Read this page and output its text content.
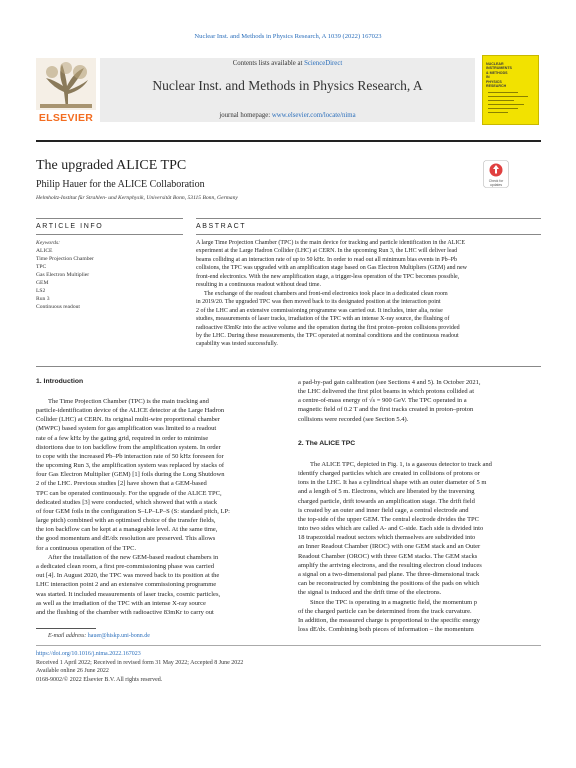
Nuclear Inst. and Methods in Physics Research, A 1039 (2022) 167023
ELSEVIER
Contents lists available at ScienceDirect
Nuclear Inst. and Methods in Physics Research, A
journal homepage: www.elsevier.com/locate/nima
NUCLEAR
INSTRUMENTS
& METHODS
IN
PHYSICS
RESEARCH
The upgraded ALICE TPC
Philip Hauer for the ALICE Collaboration
Helmholtz-Institut für Strahlen- und Kernphysik, Universität Bonn, 53115 Bonn, Germany
Check for updates
ARTICLE INFO	ABSTRACT
Keywords:
ALICE
Time Projection Chamber
TPC
Gas Electron Multiplier
GEM
LS2
Run 3
Continuous readout
A large Time Projection Chamber (TPC) is the main device for tracking and particle identification in the ALICE
experiment at the Large Hadron Collider (LHC) at CERN. In the upcoming Run 3, the LHC will deliver lead
beams colliding at an interaction rate of up to 50 kHz. In order to read out all minimum bias events in Pb–Pb
collisions, the TPC was upgraded with an amplification stage based on Gas Electron Multipliers (GEM) and new
front-end electronics. With the new amplification stage, a trigger-less operation of the TPC becomes possible,
resulting in a continuous readout without dead time.
The exchange of the readout chambers and front-end electronics took place in a dedicated clean room
in 2019/20. The upgraded TPC was then moved back to its designated position at the interaction point
2 of the LHC and an extensive commissioning programme was carried out. It includes, inter alia, noise
studies, measurements of laser tracks, irradiation of the TPC with an intense X-ray source, the flushing of
radioactive 83mKr into the active volume and the operation during the first proton–proton collisions provided
by the LHC. During these measurements, the TPC operated at nominal conditions and the continuous readout
capability was tested successfully.
1. Introduction
The Time Projection Chamber (TPC) is the main tracking and
particle-identification device of the ALICE detector at the Large Hadron
Collider (LHC) at CERN. Its original multi-wire proportional chamber
(MWPC) based system for gas amplification was limited to a readout
rate of a few kHz by the gating grid, required in order to minimise
distortions due to ion backflow from the amplification system. In order
to cope with the increased Pb–Pb interaction rate of 50 kHz foreseen for
the upcoming Run 3, the amplification system was replaced by stacks of
four Gas Electron Multiplier (GEM) [1] foils during the Long Shutdown
2 of the LHC. Previous studies [2] have shown that a GEM-based
TPC can be operated continuously. For the upgrade of the ALICE TPC,
dedicated studies [3] were conducted, which showed that with a stack
of four GEM foils in the configuration S–LP–LP–S (S: standard pitch, LP:
large pitch) combined with an optimised choice of the transfer fields,
the ion backflow can be kept at a manageable level. At the same time,
the good momentum and dE/dx resolution are preserved. This allows
for a continuous operation of the TPC.
After the installation of the new GEM-based readout chambers in
a dedicated clean room, a first pre-commissioning phase was carried
out [4]. In August 2020, the TPC was moved back to its position at the
LHC interaction point 2 and an extensive commissioning programme
was started. It included measurements of laser tracks, cosmic particles,
as well as the irradiation of the TPC with an intense X-ray source
and the flushing of the chamber with radioactive 83mKr to carry out
a pad-by-pad gain calibration (see Sections 4 and 5). In October 2021,
the LHC delivered the first pilot beams in which protons collided at
a centre-of-mass energy of √s = 900 GeV. The TPC operated in a
magnetic field of 0.2 T and the first tracks created in proton–proton
collisions were recorded (see Section 5.4).
2. The ALICE TPC
The ALICE TPC, depicted in Fig. 1, is a gaseous detector to track and
identify charged particles which are created in collisions of protons or
ions in the LHC. It has a cylindrical shape with an outer diameter of 5 m
and a length of 5 m. Electrons, which are liberated by the traversing
charged particle, drift towards an amplification stage. The drift field
is created by an outer and inner field cage, a central electrode and
the top-side of the upper GEM. The central electrode divides the TPC
into two sides which are called A- and C-side. Each side is divided into
18 trapezoidal readout sectors which themselves are subdivided into
an Inner Readout Chamber (IROC) with one GEM stack and an Outer
Readout Chamber (OROC) with three GEM stacks. The GEM stacks
amplify the arriving electrons, and the resulting electron cloud induces
a signal on a two-dimensional pad plane. The three-dimensional track
can be reconstructed by combining the positions of the pads on which
the signal is induced and the drift time of the electrons.
Since the TPC is operating in a magnetic field, the momentum p
of the charged particle can be determined from the track curvature.
In addition, the measured charge is proportional to the specific energy
loss dE/dx. Combining both pieces of information – the momentum
E-mail address: hauer@hiskp.uni-bonn.de
https://doi.org/10.1016/j.nima.2022.167023
Received 1 April 2022; Received in revised form 31 May 2022; Accepted 8 June 2022
Available online 26 June 2022
0168-9002/© 2022 Elsevier B.V. All rights reserved.
